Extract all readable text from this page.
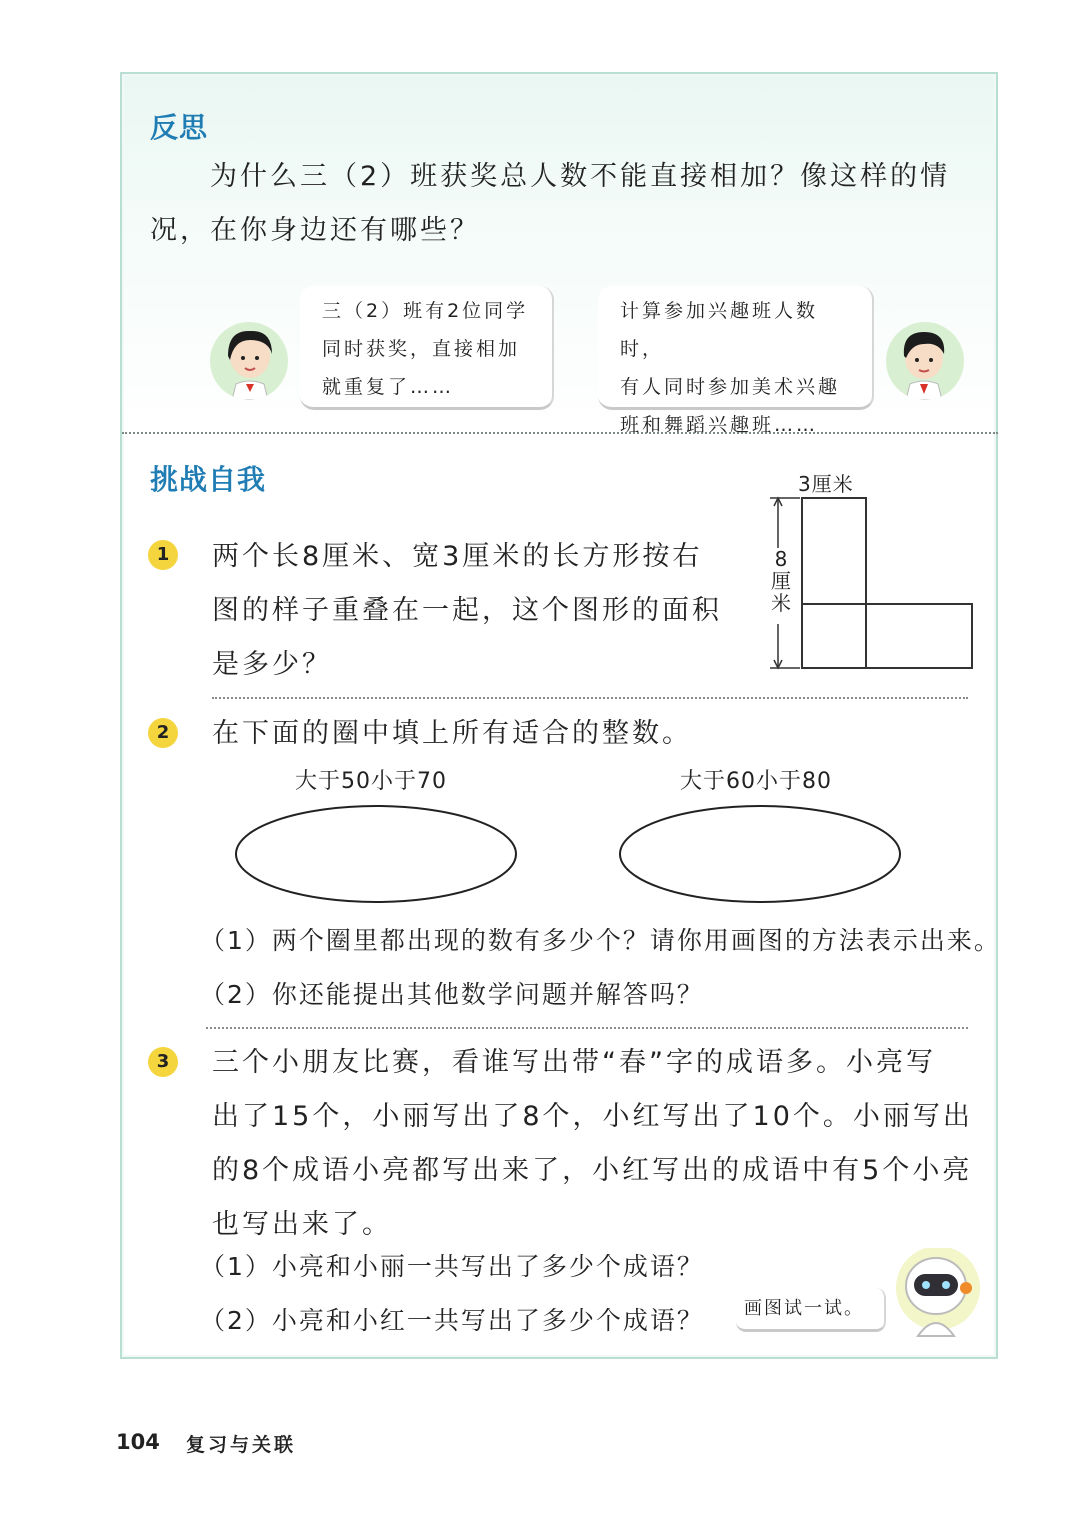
反思
为什么三（2）班获奖总人数不能直接相加？像这样的情
况，在你身边还有哪些？
三（2）班有2位同学
同时获奖，直接相加
就重复了……
计算参加兴趣班人数时，
有人同时参加美术兴趣
班和舞蹈兴趣班……
挑战自我
1	两个长8厘米、宽3厘米的长方形按右
图的样子重叠在一起，这个图形的面积
是多少？
3厘米
8厘米
2	在下面的圈中填上所有适合的整数。
大于50小于70	大于60小于80
（1）两个圈里都出现的数有多少个？请你用画图的方法表示出来。
（2）你还能提出其他数学问题并解答吗？
3	三个小朋友比赛，看谁写出带“春”字的成语多。小亮写
出了15个，小丽写出了8个，小红写出了10个。小丽写出
的8个成语小亮都写出来了，小红写出的成语中有5个小亮
也写出来了。
（1）小亮和小丽一共写出了多少个成语？
（2）小亮和小红一共写出了多少个成语？	画图试一试。
104 复习与关联
